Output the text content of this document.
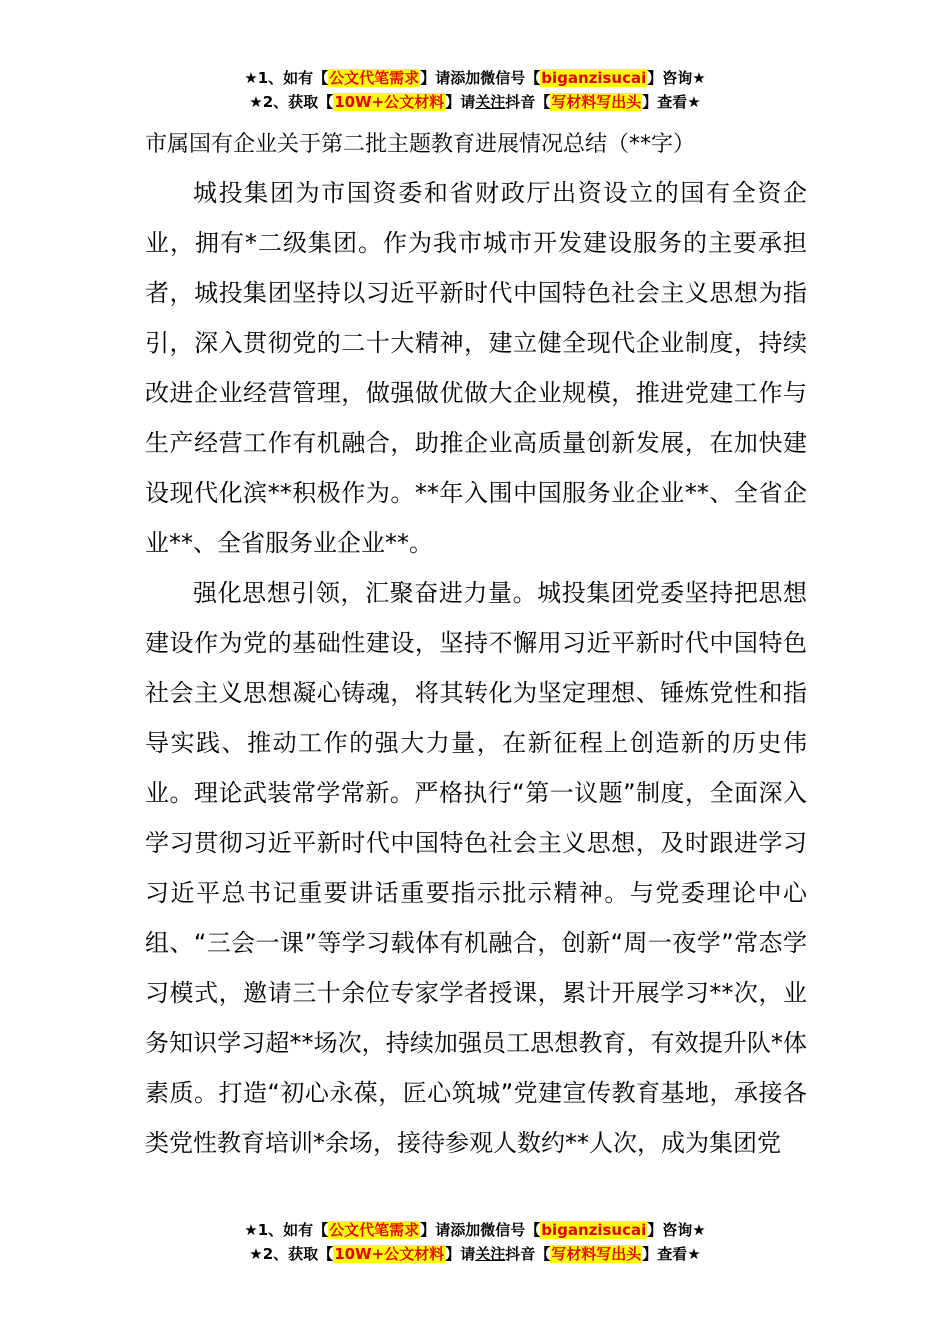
★1、如有【公文代笔需求】请添加微信号【biganzisucai】咨询★
★2、获取【10W+公文材料】请关注抖音【写材料写出头】查看★
市属国有企业关于第二批主题教育进展情况总结（**字）

城投集团为市国资委和省财政厅出资设立的国有全资企业，拥有*二级集团。作为我市城市开发建设服务的主要承担者，城投集团坚持以习近平新时代中国特色社会主义思想为指引，深入贯彻党的二十大精神，建立健全现代企业制度，持续改进企业经营管理，做强做优做大企业规模，推进党建工作与生产经营工作有机融合，助推企业高质量创新发展，在加快建设现代化滨**积极作为。**年入围中国服务业企业**、全省企业**、全省服务业企业**。

强化思想引领，汇聚奋进力量。城投集团党委坚持把思想建设作为党的基础性建设，坚持不懈用习近平新时代中国特色社会主义思想凝心铸魂，将其转化为坚定理想、锤炼党性和指导实践、推动工作的强大力量，在新征程上创造新的历史伟业。理论武装常学常新。严格执行“第一议题”制度，全面深入学习贯彻习近平新时代中国特色社会主义思想，及时跟进学习习近平总书记重要讲话重要指示批示精神。与党委理论中心组、“三会一课”等学习载体有机融合，创新“周一夜学”常态学习模式，邀请三十余位专家学者授课，累计开展学习**次，业务知识学习超**场次，持续加强员工思想教育，有效提升队*体素质。打造“初心永葆，匠心筑城”党建宣传教育基地，承接各类党性教育培训*余场，接待参观人数约**人次，成为集团党

★1、如有【公文代笔需求】请添加微信号【biganzisucai】咨询★
★2、获取【10W+公文材料】请关注抖音【写材料写出头】查看★
